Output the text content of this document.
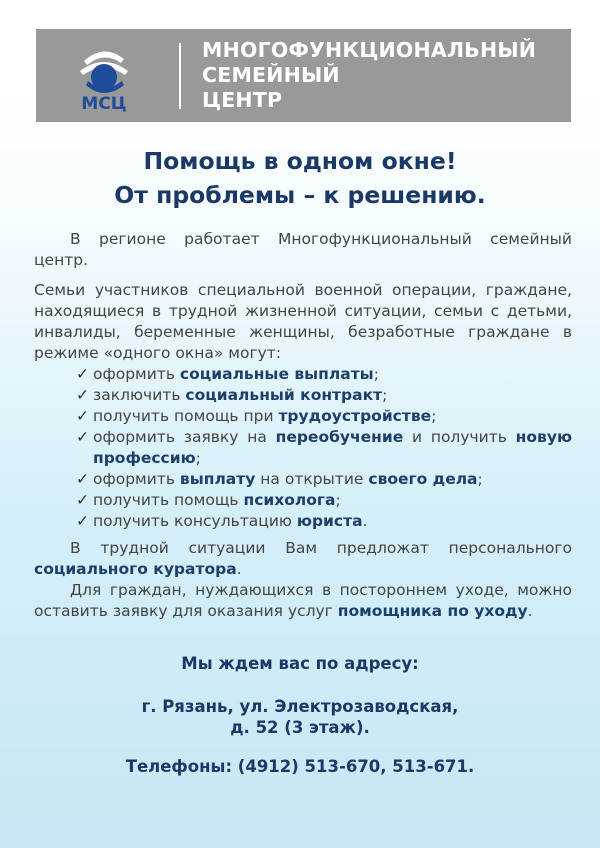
МСЦ
МНОГОФУНКЦИОНАЛЬНЫЙ
СЕМЕЙНЫЙ
ЦЕНТР
Помощь в одном окне!
От проблемы – к решению.

В регионе работает Многофункциональный семейный центр.

Семьи участников специальной военной операции, граждане, находящиеся в трудной жизненной ситуации, семьи с детьми, инвалиды, беременные женщины, безработные граждане в режиме «одного окна» могут:

✓ оформить социальные выплаты;
✓ заключить социальный контракт;
✓ получить помощь при трудоустройстве;
✓ оформить заявку на переобучение и получить новую профессию;
✓ оформить выплату на открытие своего дела;
✓ получить помощь психолога;
✓ получить консультацию юриста.

В трудной ситуации Вам предложат персонального социального куратора.

Для граждан, нуждающихся в постороннем уходе, можно оставить заявку для оказания услуг помощника по уходу.

Мы ждем вас по адресу:

г. Рязань, ул. Электрозаводская,

д. 52 (3 этаж).

Телефоны: (4912) 513-670, 513-671.
